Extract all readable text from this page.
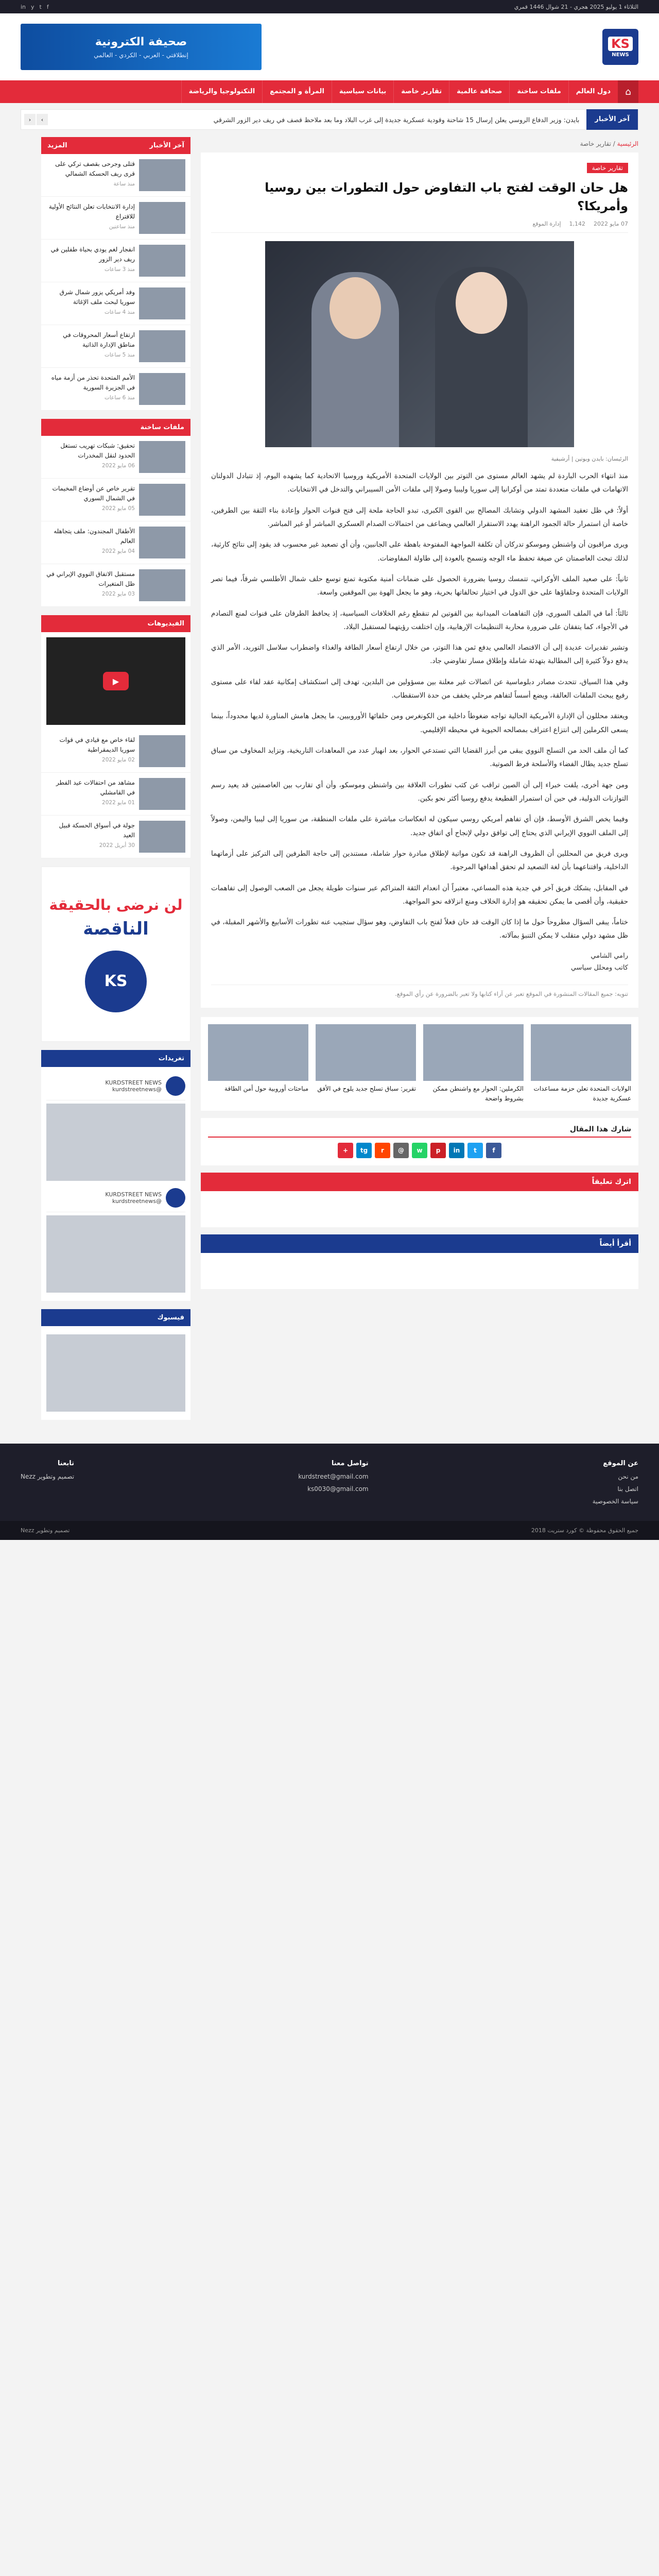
الثلاثاء 1 يوليو 2025 هجري - 21 شوال 1446 قمري
f
t
y
in
KS
NEWS
صحيفة الكترونية
إنطلاقتي - العربي - الكردي - العالمي
⌂
دول العالم
ملفات ساخنة
صحافة عالمية
تقارير خاصة
بيانات سياسية
المرأة و المجتمع
التكنولوجيا والرياضة
آخر الأخبار
بايدن: وزير الدفاع الروسي يعلن إرسال 15 شاحنة وقودية عسكرية جديدة إلى غرب البلاد وما بعد ملاحظ قصف في ريف دير الزور الشرقي
›
‹
الرئيسية / تقارير خاصة
تقارير خاصة
هل حان الوقت لفتح باب التفاوض حول التطورات بين روسيا وأمريكا؟
07 مايو 2022
1,142
إدارة الموقع
الرئيسان: بايدن وبوتين | أرشيفية

منذ انتهاء الحرب الباردة لم يشهد العالم مستوى من التوتر بين الولايات المتحدة الأمريكية وروسيا الاتحادية كما يشهده اليوم، إذ تتبادل الدولتان الاتهامات في ملفات متعددة تمتد من أوكرانيا إلى سوريا وليبيا وصولا إلى ملفات الأمن السيبراني والتدخل في الانتخابات.

أولاً: في ظل تعقيد المشهد الدولي وتشابك المصالح بين القوى الكبرى، تبدو الحاجة ملحة إلى فتح قنوات الحوار وإعادة بناء الثقة بين الطرفين، خاصة أن استمرار حالة الجمود الراهنة يهدد الاستقرار العالمي ويضاعف من احتمالات الصدام العسكري المباشر أو غير المباشر.

ويرى مراقبون أن واشنطن وموسكو تدركان أن تكلفة المواجهة المفتوحة باهظة على الجانبين، وأن أي تصعيد غير محسوب قد يقود إلى نتائج كارثية، لذلك تبحث العاصمتان عن صيغة تحفظ ماء الوجه وتسمح بالعودة إلى طاولة المفاوضات.

ثانياً: على صعيد الملف الأوكراني، تتمسك روسيا بضرورة الحصول على ضمانات أمنية مكتوبة تمنع توسع حلف شمال الأطلسي شرقاً، فيما تصر الولايات المتحدة وحلفاؤها على حق الدول في اختيار تحالفاتها بحرية، وهو ما يجعل الهوة بين الموقفين واسعة.

ثالثاً: أما في الملف السوري، فإن التفاهمات الميدانية بين القوتين لم تنقطع رغم الخلافات السياسية، إذ يحافظ الطرفان على قنوات لمنع التصادم في الأجواء، كما يتفقان على ضرورة محاربة التنظيمات الإرهابية، وإن اختلفت رؤيتهما لمستقبل البلاد.

وتشير تقديرات عديدة إلى أن الاقتصاد العالمي يدفع ثمن هذا التوتر، من خلال ارتفاع أسعار الطاقة والغذاء واضطراب سلاسل التوريد، الأمر الذي يدفع دولاً كثيرة إلى المطالبة بتهدئة شاملة وإطلاق مسار تفاوضي جاد.

وفي هذا السياق، تتحدث مصادر دبلوماسية عن اتصالات غير معلنة بين مسؤولين من البلدين، تهدف إلى استكشاف إمكانية عقد لقاء على مستوى رفيع يبحث الملفات العالقة، ويضع أسساً لتفاهم مرحلي يخفف من حدة الاستقطاب.

ويعتقد محللون أن الإدارة الأمريكية الحالية تواجه ضغوطاً داخلية من الكونغرس ومن حلفائها الأوروبيين، ما يجعل هامش المناورة لديها محدوداً، بينما يسعى الكرملين إلى انتزاع اعتراف بمصالحه الحيوية في محيطه الإقليمي.

كما أن ملف الحد من التسلح النووي يبقى من أبرز القضايا التي تستدعي الحوار، بعد انهيار عدد من المعاهدات التاريخية، وتزايد المخاوف من سباق تسلح جديد يطال الفضاء والأسلحة فرط الصوتية.

ومن جهة أخرى، يلفت خبراء إلى أن الصين تراقب عن كثب تطورات العلاقة بين واشنطن وموسكو، وأن أي تقارب بين العاصمتين قد يعيد رسم التوازنات الدولية، في حين أن استمرار القطيعة يدفع روسيا أكثر نحو بكين.

وفيما يخص الشرق الأوسط، فإن أي تفاهم أمريكي روسي سيكون له انعكاسات مباشرة على ملفات المنطقة، من سوريا إلى ليبيا واليمن، وصولاً إلى الملف النووي الإيراني الذي يحتاج إلى توافق دولي لإنجاح أي اتفاق جديد.

ويرى فريق من المحللين أن الظروف الراهنة قد تكون مواتية لإطلاق مبادرة حوار شاملة، مستندين إلى حاجة الطرفين إلى التركيز على أزماتهما الداخلية، واقتناعهما بأن لغة التصعيد لم تحقق أهدافها المرجوة.

في المقابل، يشكك فريق آخر في جدية هذه المساعي، معتبراً أن انعدام الثقة المتراكم عبر سنوات طويلة يجعل من الصعب الوصول إلى تفاهمات حقيقية، وأن أقصى ما يمكن تحقيقه هو إدارة الخلاف ومنع انزلاقه نحو المواجهة.

ختاماً، يبقى السؤال مطروحاً حول ما إذا كان الوقت قد حان فعلاً لفتح باب التفاوض، وهو سؤال ستجيب عنه تطورات الأسابيع والأشهر المقبلة، في ظل مشهد دولي متقلب لا يمكن التنبؤ بمآلاته.

رامي الشامي
كاتب ومحلل سياسي
تنويه: جميع المقالات المنشورة في الموقع تعبر عن آراء كتابها ولا تعبر بالضرورة عن رأي الموقع.
الولايات المتحدة تعلن حزمة مساعدات عسكرية جديدة
الكرملين: الحوار مع واشنطن ممكن بشروط واضحة
تقرير: سباق تسلح جديد يلوح في الأفق
مباحثات أوروبية حول أمن الطاقة
شارك هذا المقال
f
t
in
p
w
@
r
tg
+
اترك تعليقاً
أقرأ أيضاً
آخر الأخبار
المزيد
قتلى وجرحى بقصف تركي على قرى ريف الحسكة الشمالي
منذ ساعة
إدارة الانتخابات تعلن النتائج الأولية للاقتراع
منذ ساعتين
انفجار لغم يودي بحياة طفلين في ريف دير الزور
منذ 3 ساعات
وفد أمريكي يزور شمال شرق سوريا لبحث ملف الإغاثة
منذ 4 ساعات
ارتفاع أسعار المحروقات في مناطق الإدارة الذاتية
منذ 5 ساعات
الأمم المتحدة تحذر من أزمة مياه في الجزيرة السورية
منذ 6 ساعات
ملفات ساخنة
تحقيق: شبكات تهريب تستغل الحدود لنقل المخدرات
06 مايو 2022
تقرير خاص عن أوضاع المخيمات في الشمال السوري
05 مايو 2022
الأطفال المجندون: ملف يتجاهله العالم
04 مايو 2022
مستقبل الاتفاق النووي الإيراني في ظل المتغيرات
03 مايو 2022
الفيديوهات
▶
لقاء خاص مع قيادي في قوات سوريا الديمقراطية
02 مايو 2022
مشاهد من احتفالات عيد الفطر في القامشلي
01 مايو 2022
جولة في أسواق الحسكة قبيل العيد
30 أبريل 2022
لن نرضى بالحقيقة
الناقصة
KS
تغريدات
KURDSTREET NEWS
@kurdstreetnews
KURDSTREET NEWS
@kurdstreetnews
فيسبوك
عن الموقع
من نحن
اتصل بنا
سياسة الخصوصية
تواصل معنا
kurdstreet@gmail.com
ks0030@gmail.com
تابعنا
تصميم وتطوير Nezz
جميع الحقوق محفوظة © كورد ستريت 2018
تصميم وتطوير Nezz
